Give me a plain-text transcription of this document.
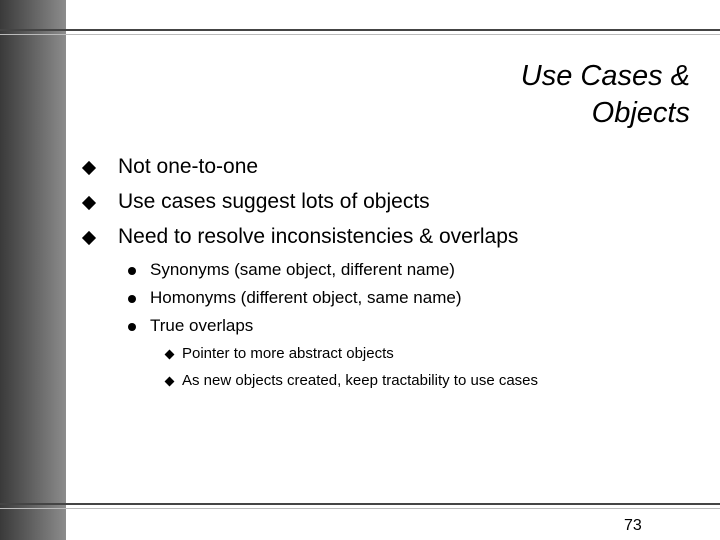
Use Cases &
Objects
Not one-to-one
Use cases suggest lots of objects
Need to resolve inconsistencies & overlaps
Synonyms (same object, different name)
Homonyms (different object, same name)
True overlaps
Pointer to more abstract objects
As new objects created, keep tractability to use cases
73
